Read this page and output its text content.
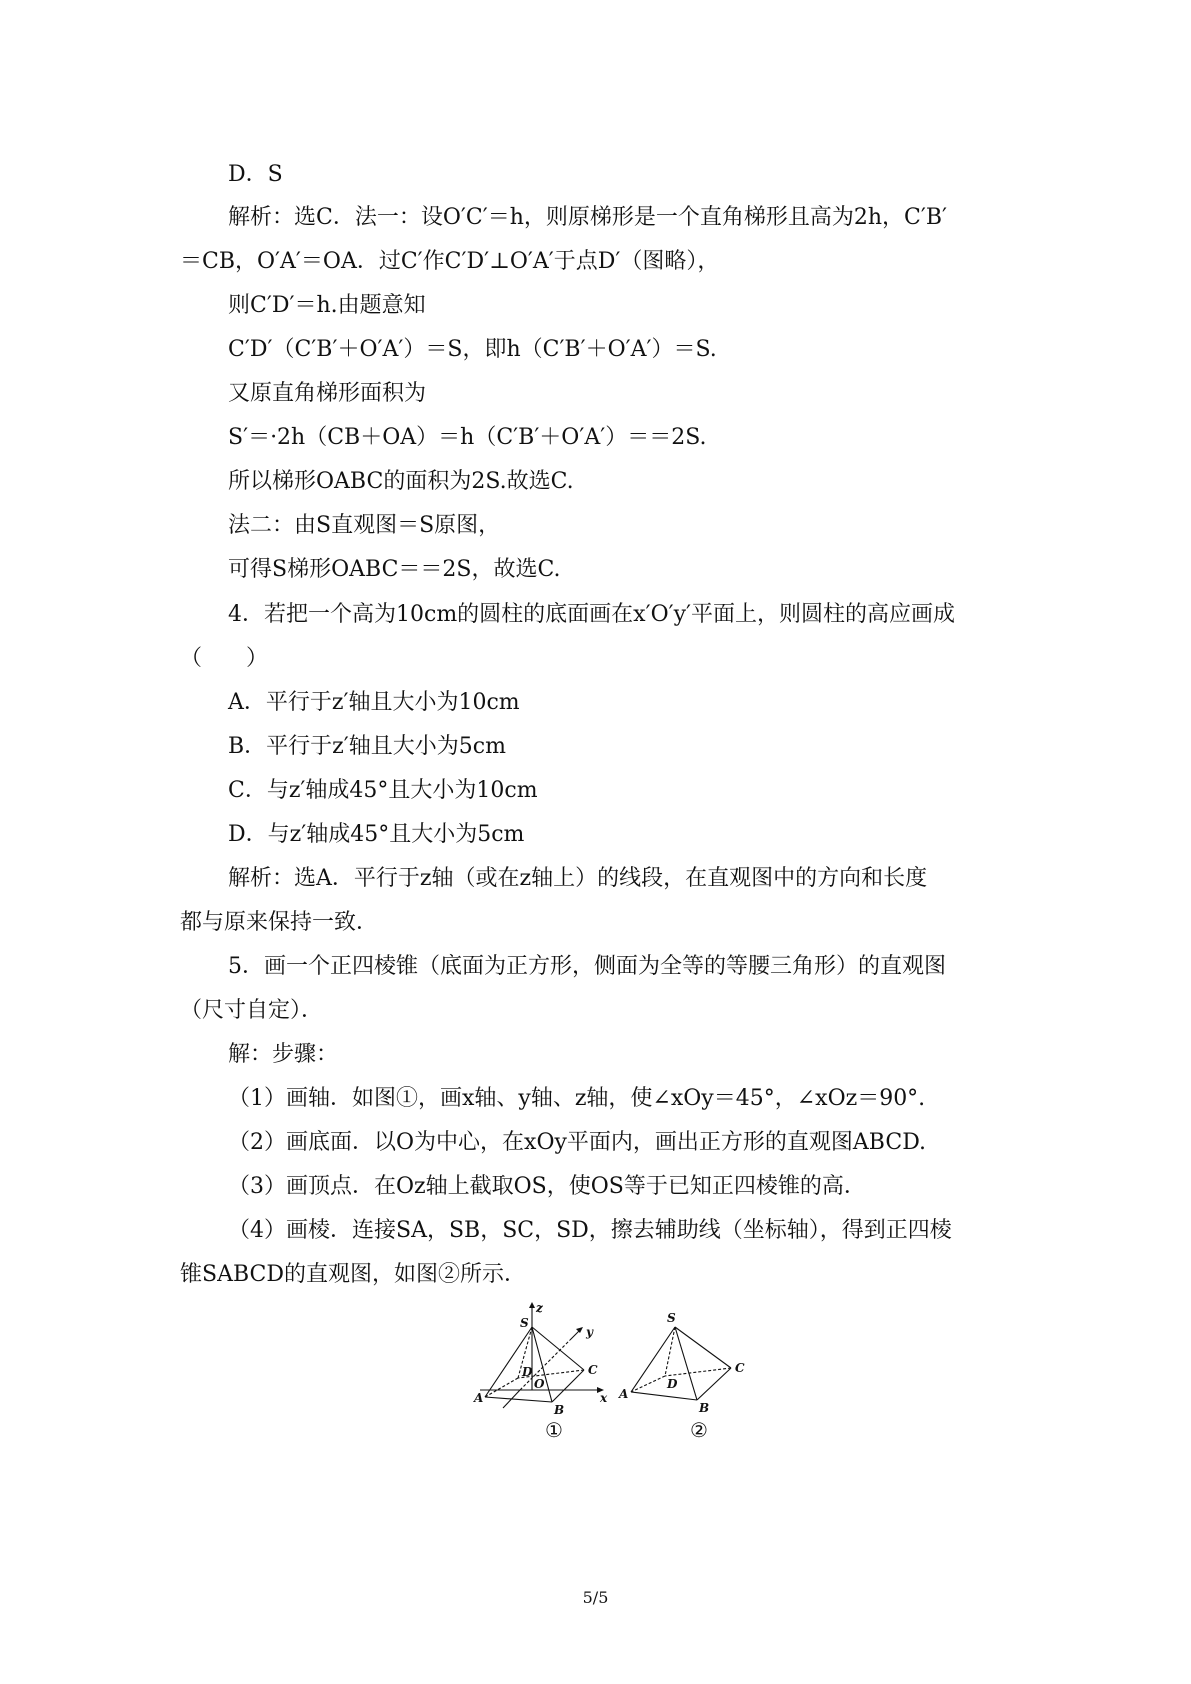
D．S
解析：选C．法一：设O′C′＝h，则原梯形是一个直角梯形且高为2h，C′B′
＝CB，O′A′＝OA．过C′作C′D′⊥O′A′于点D′（图略），
则C′D′＝h.由题意知
C′D′（C′B′＋O′A′）＝S，即h（C′B′＋O′A′）＝S.
又原直角梯形面积为
S′＝·2h（CB＋OA）＝h（C′B′＋O′A′）＝＝2S.
所以梯形OABC的面积为2S.故选C.
法二：由S直观图＝S原图，
可得S梯形OABC＝＝2S，故选C.
4．若把一个高为10cm的圆柱的底面画在x′O′y′平面上，则圆柱的高应画成
（　　）
A．平行于z′轴且大小为10cm
B．平行于z′轴且大小为5cm
C．与z′轴成45°且大小为10cm
D．与z′轴成45°且大小为5cm
解析：选A．平行于z轴（或在z轴上）的线段，在直观图中的方向和长度
都与原来保持一致．
5．画一个正四棱锥（底面为正方形，侧面为全等的等腰三角形）的直观图
（尺寸自定）．
解：步骤：
（1）画轴．如图①，画x轴、y轴、z轴，使∠xOy＝45°，∠xOz＝90°.
（2）画底面．以O为中心，在xOy平面内，画出正方形的直观图ABCD.
（3）画顶点．在Oz轴上截取OS，使OS等于已知正四棱锥的高．
（4）画棱．连接SA，SB，SC，SD，擦去辅助线（坐标轴），得到正四棱
锥SABCD的直观图，如图②所示．
z
S
y
D	C
A
O
B
x
①
S
C
D
A
B
②
5/5
